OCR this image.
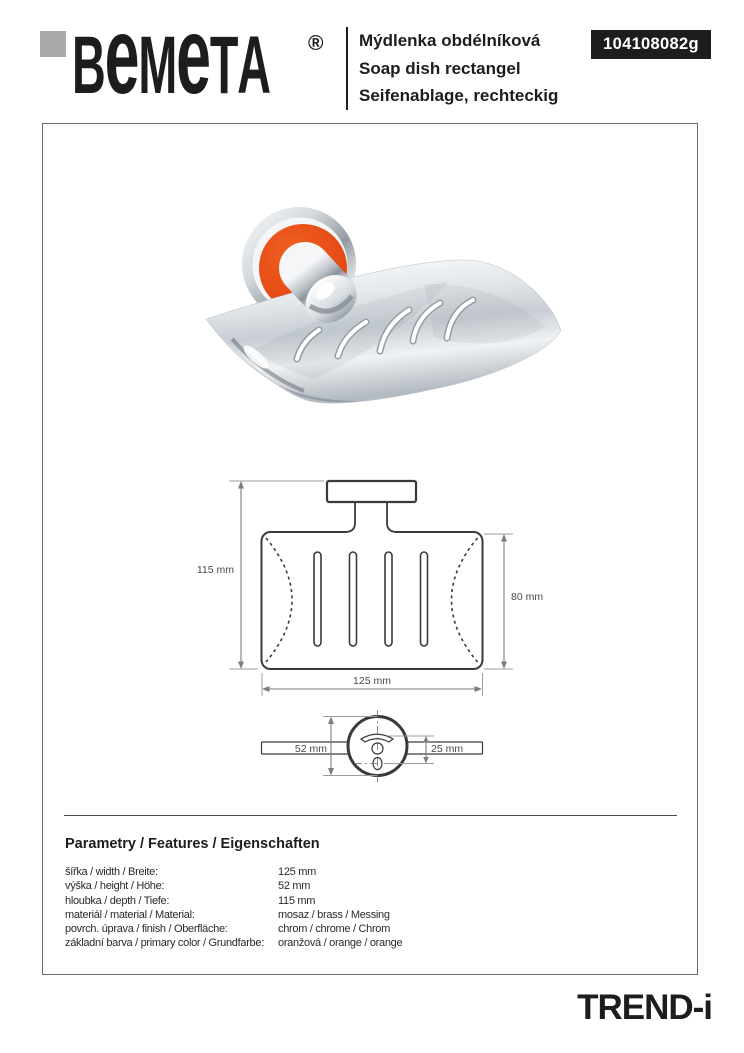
BeMeTA ® Mýdlenka obdélníková
Soap dish rectangel
Seifenablage, rechteckig
104108082g
115 mm
80 mm
125 mm
52 mm	25 mm
Parametry / Features / Eigenschaften
šířka / width / Breite:	125 mm
výška / height / Höhe:	52 mm
hloubka / depth / Tiefe:	115 mm
materiál / material / Material:	mosaz / brass / Messing
povrch. úprava / finish / Oberfläche:	chrom / chrome / Chrom
základní barva / primary color / Grundfarbe:	oranžová / orange / orange
TREND-i
